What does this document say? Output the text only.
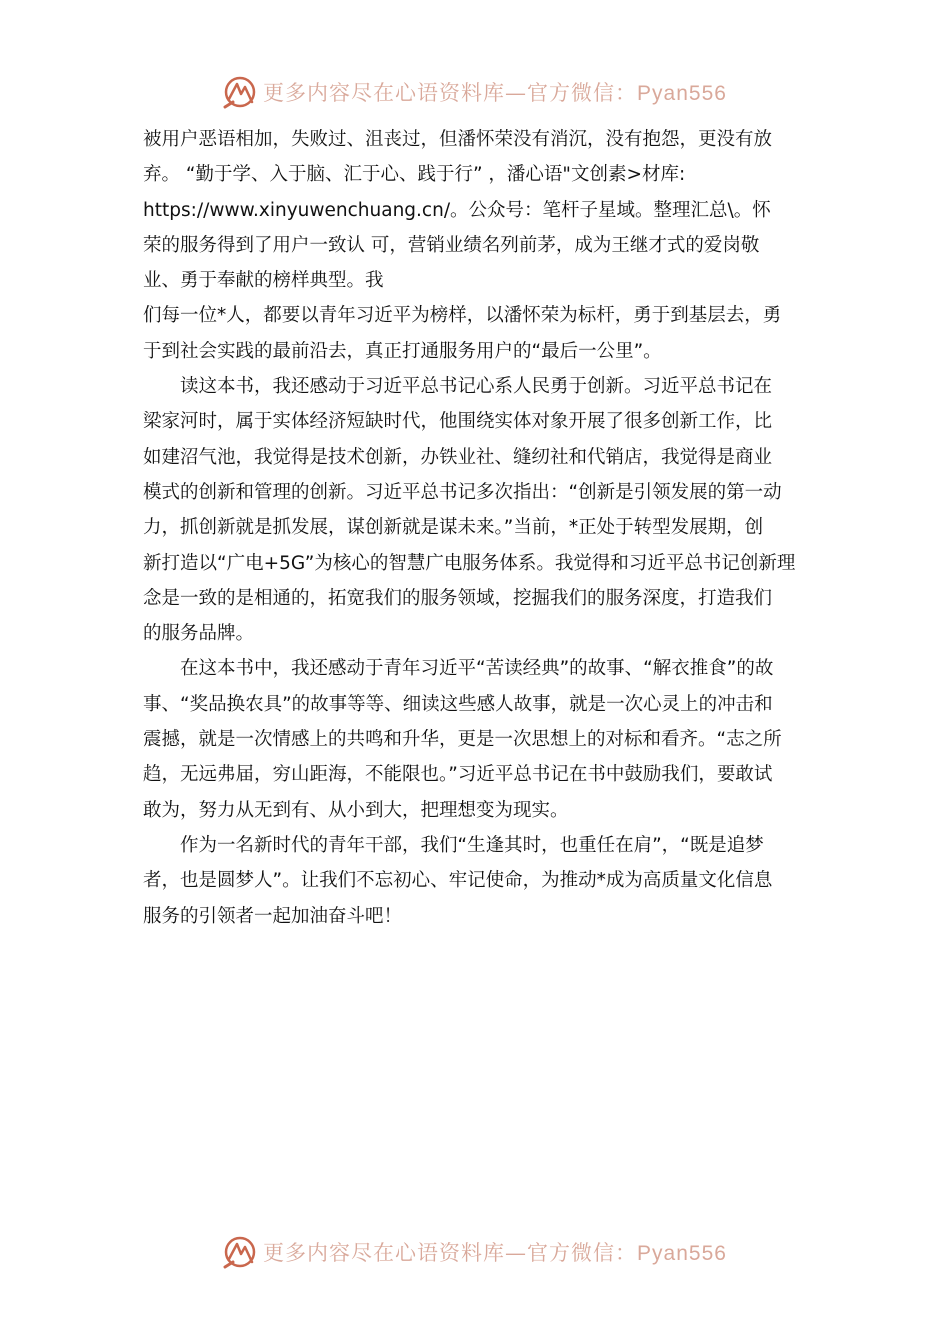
更多内容尽在心语资料库—官方微信：Pyan556

被用户恶语相加，失败过、沮丧过，但潘怀荣没有消沉，没有抱怨，更没有放
弃。 “勤于学、入于脑、汇于心、践于行” ，潘心语"文创素>材库:
https://www.xinyuwenchuang.cn/。公众号：笔杆子星域。整理汇总\。怀
荣的服务得到了用户一致认 可，营销业绩名列前茅，成为王继才式的爱岗敬
业、勇于奉献的榜样典型。我

们每一位*人，都要以青年习近平为榜样，以潘怀荣为标杆，勇于到基层去，勇
于到社会实践的最前沿去，真正打通服务用户的“最后一公里”。

读这本书，我还感动于习近平总书记心系人民勇于创新。习近平总书记在
梁家河时，属于实体经济短缺时代，他围绕实体对象开展了很多创新工作，比
如建沼气池，我觉得是技术创新，办铁业社、缝纫社和代销店，我觉得是商业
模式的创新和管理的创新。习近平总书记多次指出：“创新是引领发展的第一动
力，抓创新就是抓发展，谋创新就是谋未来。”当前，*正处于转型发展期，创
新打造以“广电+5G”为核心的智慧广电服务体系。我觉得和习近平总书记创新理
念是一致的是相通的，拓宽我们的服务领域，挖掘我们的服务深度，打造我们
的服务品牌。

在这本书中，我还感动于青年习近平“苦读经典”的故事、“解衣推食”的故
事、“奖品换农具”的故事等等、细读这些感人故事，就是一次心灵上的冲击和
震撼，就是一次情感上的共鸣和升华，更是一次思想上的对标和看齐。“志之所
趋，无远弗届，穷山距海，不能限也。”习近平总书记在书中鼓励我们，要敢试
敢为，努力从无到有、从小到大，把理想变为现实。

作为一名新时代的青年干部，我们“生逢其时，也重任在肩”，“既是追梦
者，也是圆梦人”。让我们不忘初心、牢记使命，为推动*成为高质量文化信息
服务的引领者一起加油奋斗吧！

更多内容尽在心语资料库—官方微信：Pyan556
